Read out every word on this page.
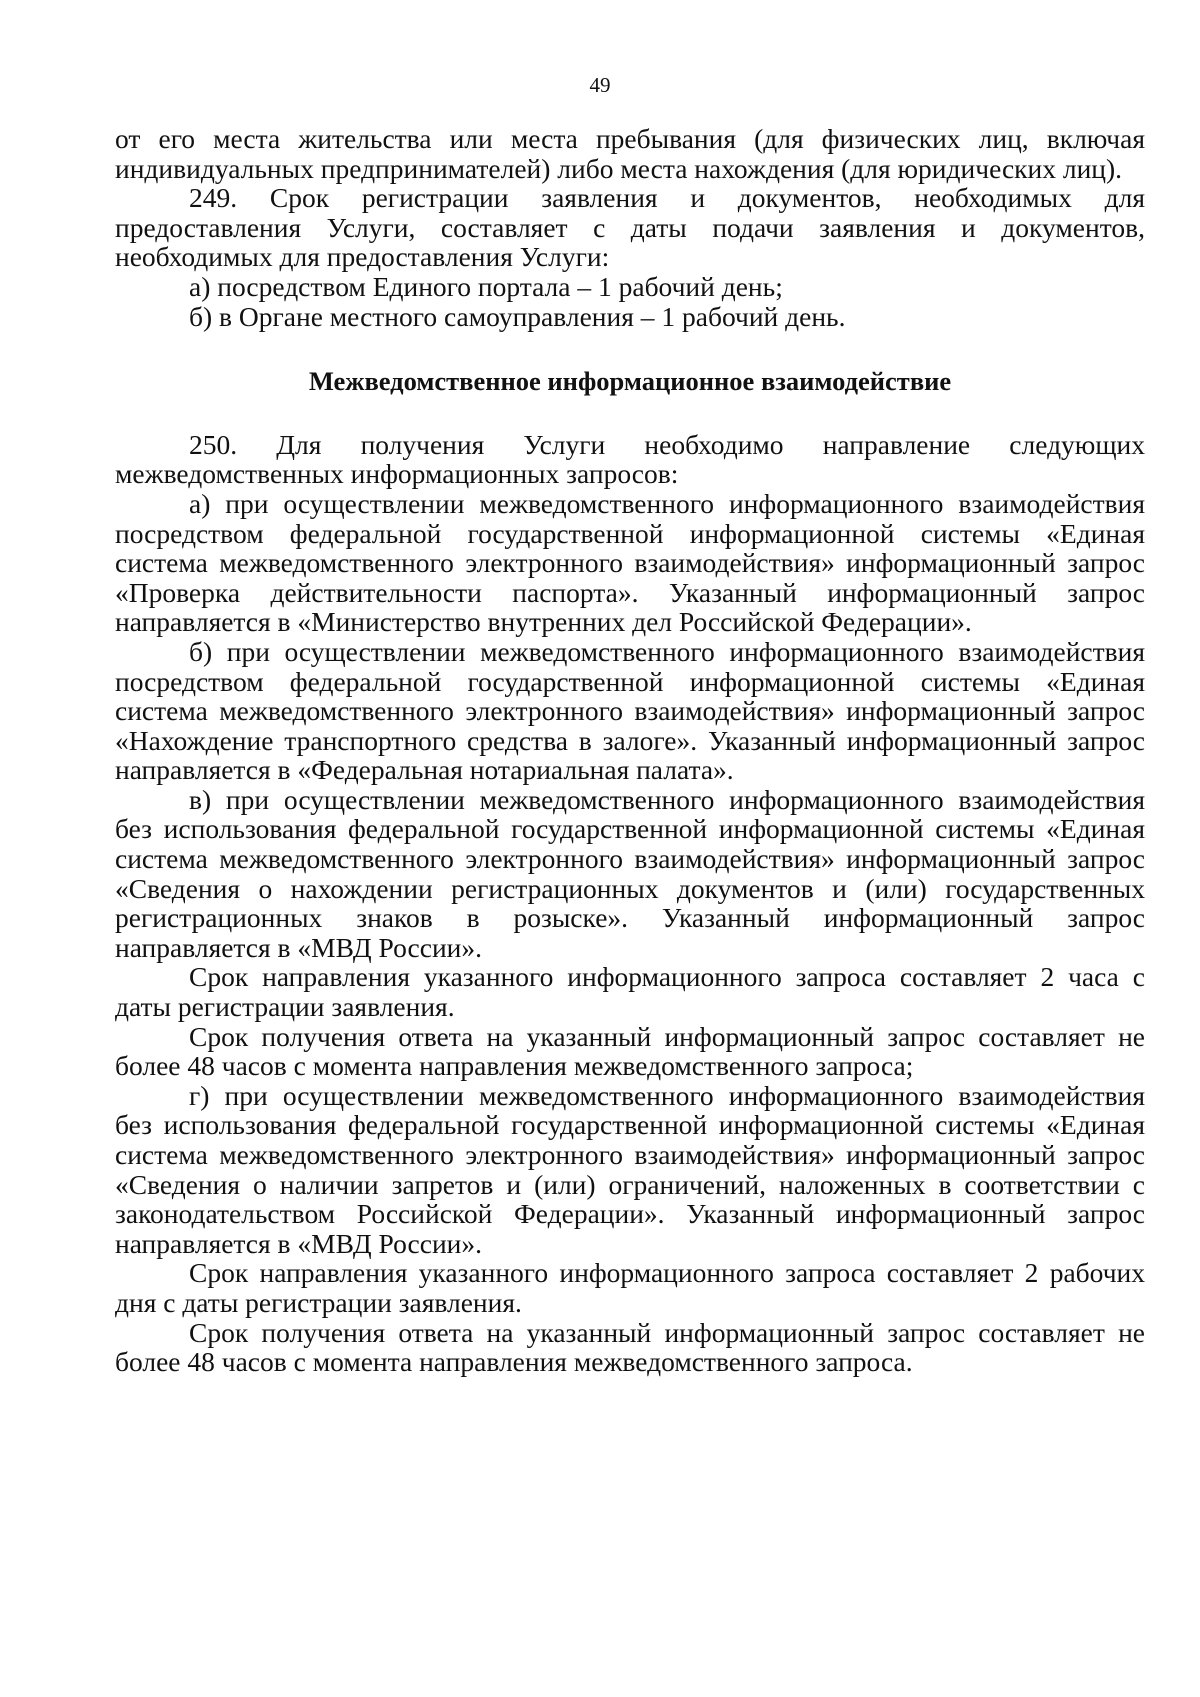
49

от его места жительства или места пребывания (для физических лиц, включая индивидуальных предпринимателей) либо места нахождения (для юридических лиц).

249. Срок регистрации заявления и документов, необходимых для предоставления Услуги, составляет с даты подачи заявления и документов, необходимых для предоставления Услуги:

а) посредством Единого портала – 1 рабочий день;

б) в Органе местного самоуправления – 1 рабочий день.

Межведомственное информационное взаимодействие

250. Для получения Услуги необходимо направление следующих межведомственных информационных запросов:

а) при осуществлении межведомственного информационного взаимодействия посредством федеральной государственной информационной системы «Единая система межведомственного электронного взаимодействия» информационный запрос «Проверка действительности паспорта». Указанный информационный запрос направляется в «Министерство внутренних дел Российской Федерации».

б) при осуществлении межведомственного информационного взаимодействия посредством федеральной государственной информационной системы «Единая система межведомственного электронного взаимодействия» информационный запрос «Нахождение транспортного средства в залоге». Указанный информационный запрос направляется в «Федеральная нотариальная палата».

в) при осуществлении межведомственного информационного взаимодействия без использования федеральной государственной информационной системы «Единая система межведомственного электронного взаимодействия» информационный запрос «Сведения о нахождении регистрационных документов и (или) государственных регистрационных знаков в розыске». Указанный информационный запрос направляется в «МВД России».

Срок направления указанного информационного запроса составляет 2 часа с даты регистрации заявления.

Срок получения ответа на указанный информационный запрос составляет не более 48 часов с момента направления межведомственного запроса;

г) при осуществлении межведомственного информационного взаимодействия без использования федеральной государственной информационной системы «Единая система межведомственного электронного взаимодействия» информационный запрос «Сведения о наличии запретов и (или) ограничений, наложенных в соответствии с законодательством Российской Федерации». Указанный информационный запрос направляется в «МВД России».

Срок направления указанного информационного запроса составляет 2 рабочих дня с даты регистрации заявления.

Срок получения ответа на указанный информационный запрос составляет не более 48 часов с момента направления межведомственного запроса.
